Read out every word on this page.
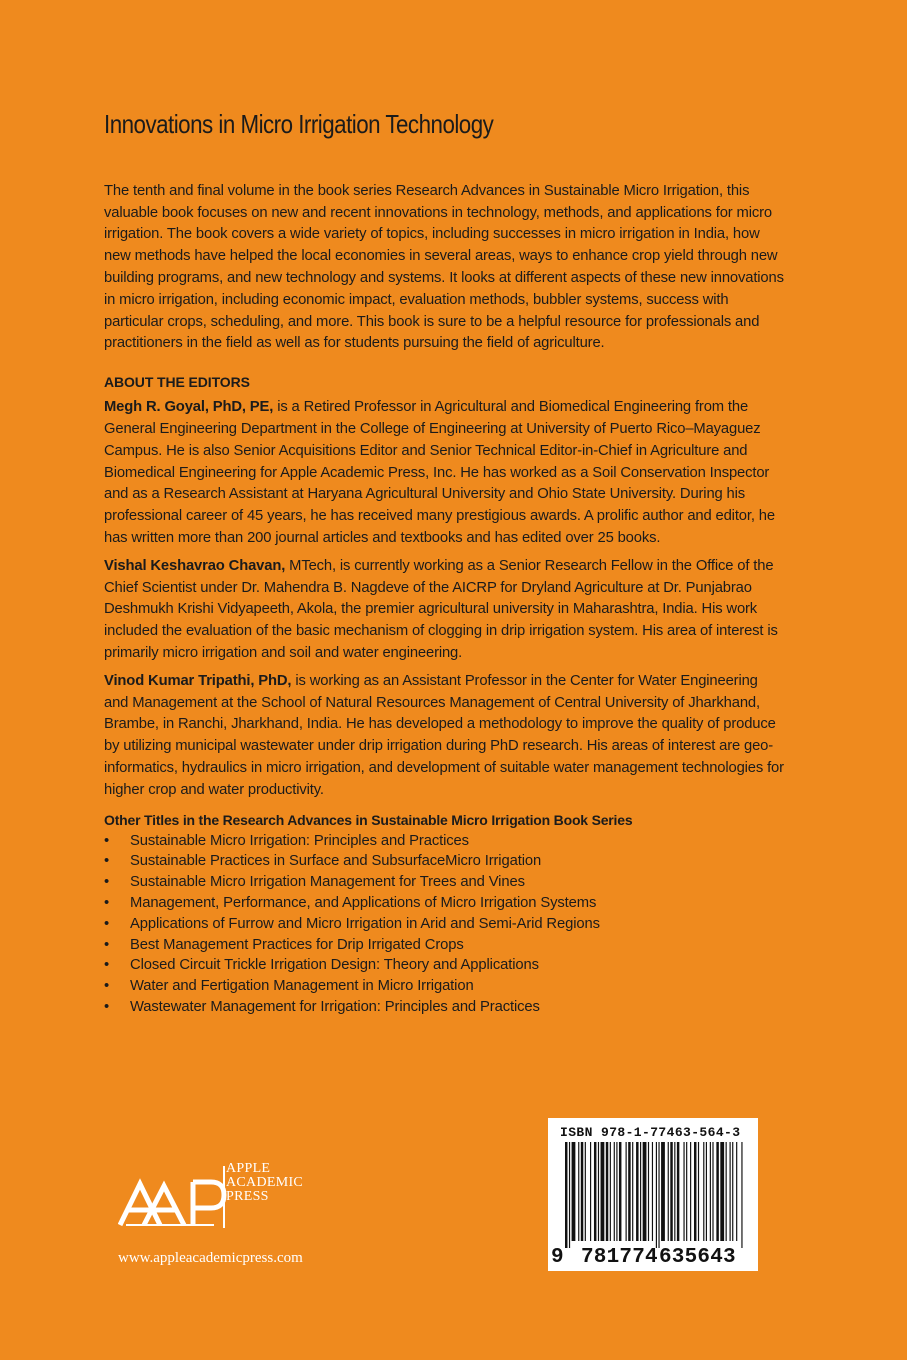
Innovations in Micro Irrigation Technology

The tenth and final volume in the book series Research Advances in Sustainable Micro Irrigation, this valuable book focuses on new and recent innovations in technology, methods, and applications for micro irrigation. The book covers a wide variety of topics, including successes in micro irrigation in India, how new methods have helped the local economies in several areas, ways to enhance crop yield through new building programs, and new technology and systems. It looks at different aspects of these new innovations in micro irrigation, including economic impact, evaluation methods, bubbler systems, success with particular crops, scheduling, and more. This book is sure to be a helpful resource for professionals and practitioners in the field as well as for students pursuing the field of agriculture.

ABOUT THE EDITORS

Megh R. Goyal, PhD, PE, is a Retired Professor in Agricultural and Biomedical Engineering from the General Engineering Department in the College of Engineering at University of Puerto Rico–Mayaguez Campus. He is also Senior Acquisitions Editor and Senior Technical Editor-in-Chief in Agriculture and Biomedical Engineering for Apple Academic Press, Inc. He has worked as a Soil Conservation Inspector and as a Research Assistant at Haryana Agricultural University and Ohio State University. During his professional career of 45 years, he has received many prestigious awards. A prolific author and editor, he has written more than 200 journal articles and textbooks and has edited over 25 books.

Vishal Keshavrao Chavan, MTech, is currently working as a Senior Research Fellow in the Office of the Chief Scientist under Dr. Mahendra B. Nagdeve of the AICRP for Dryland Agriculture at Dr. Punjabrao Deshmukh Krishi Vidyapeeth, Akola, the premier agricultural university in Maharashtra, India. His work included the evaluation of the basic mechanism of clogging in drip irrigation system. His area of interest is primarily micro irrigation and soil and water engineering.

Vinod Kumar Tripathi, PhD, is working as an Assistant Professor in the Center for Water Engineering and Management at the School of Natural Resources Management of Central University of Jharkhand, Brambe, in Ranchi, Jharkhand, India. He has developed a methodology to improve the quality of produce by utilizing municipal wastewater under drip irrigation during PhD research. His areas of interest are geo-informatics, hydraulics in micro irrigation, and development of suitable water management technologies for higher crop and water productivity.

Other Titles in the Research Advances in Sustainable Micro Irrigation Book Series
• Sustainable Micro Irrigation: Principles and Practices
• Sustainable Practices in Surface and SubsurfaceMicro Irrigation
• Sustainable Micro Irrigation Management for Trees and Vines
• Management, Performance, and Applications of Micro Irrigation Systems
• Applications of Furrow and Micro Irrigation in Arid and Semi-Arid Regions
• Best Management Practices for Drip Irrigated Crops
• Closed Circuit Trickle Irrigation Design: Theory and Applications
• Water and Fertigation Management in Micro Irrigation
• Wastewater Management for Irrigation: Principles and Practices
APPLE
ACADEMIC
PRESS
www.appleacademicpress.com
ISBN 978-1-77463-564-3
9 781774 635643
